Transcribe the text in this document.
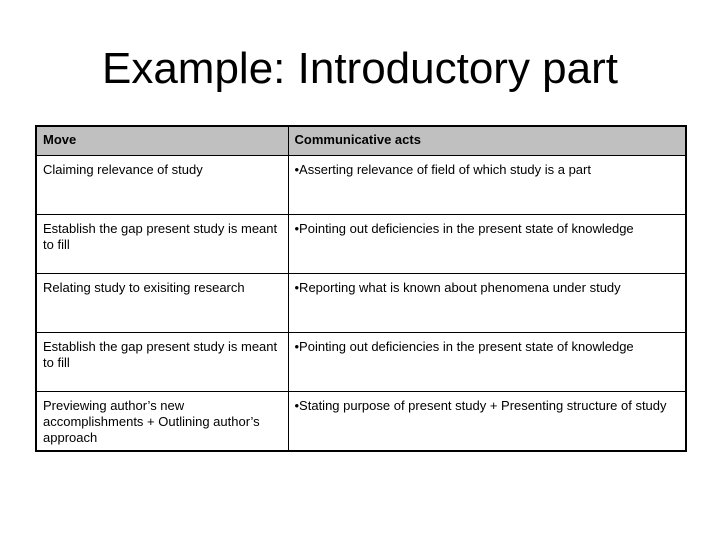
Example: Introductory part
Move	Communicative acts
Claiming relevance of study	•Asserting relevance of field of which study is a part
Establish the gap present study is meant to fill	•Pointing out deficiencies in the present state of knowledge
Relating study to exisiting research	•Reporting what is known about phenomena under study
Establish the gap present study is meant to fill	•Pointing out deficiencies in the present state of knowledge
Previewing author’s new accomplishments + Outlining author’s approach	•Stating purpose of present study + Presenting structure of study
